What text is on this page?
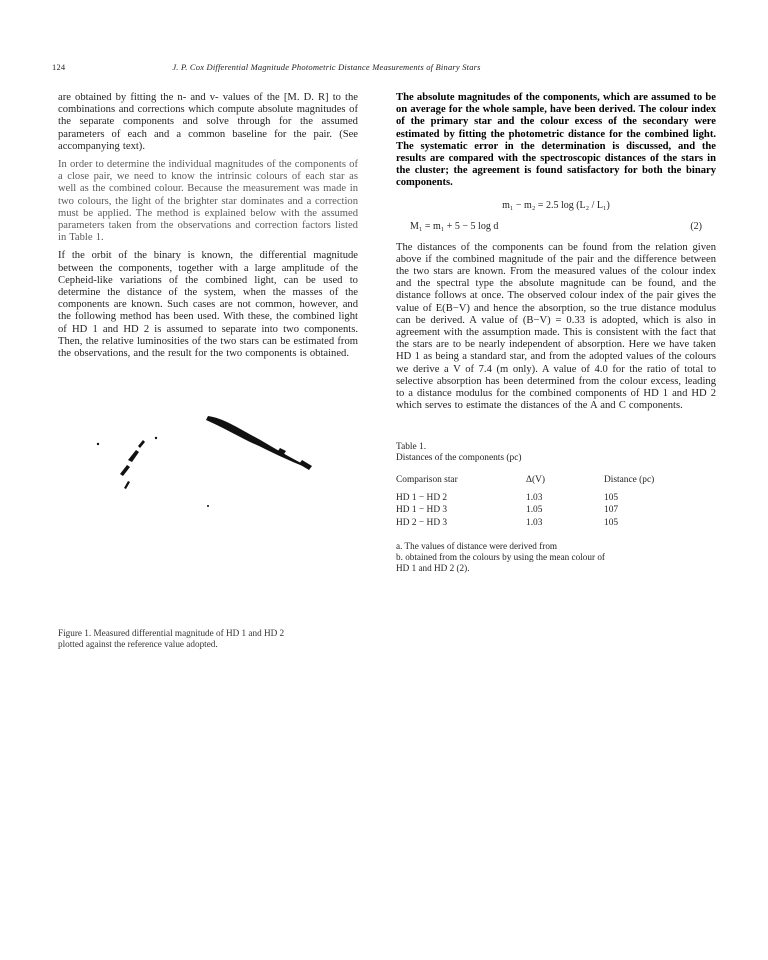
124	J. P. Cox Differential Magnitude Photometric Distance Measurements of Binary Stars

are obtained by fitting the n- and v- values of the [M. D. R] to the combinations and corrections which compute absolute magnitudes of the separate components and solve through for the assumed parameters of each and a common baseline for the pair. (See accompanying text).

In order to determine the individual magnitudes of the components of a close pair, we need to know the intrinsic colours of each star as well as the combined colour. Because the measurement was made in two colours, the light of the brighter star dominates and a correction must be applied. The method is explained below with the assumed parameters taken from the observations and correction factors listed in Table 1.

If the orbit of the binary is known, the differential magnitude between the components, together with a large amplitude of the Cepheid-like variations of the combined light, can be used to determine the distance of the system, when the masses of the components are known. Such cases are not common, however, and the following method has been used. With these, the combined light of HD 1 and HD 2 is assumed to separate into two components. Then, the relative luminosities of the two stars can be estimated from the observations, and the result for the two components is obtained.

Figure 1. Measured differential magnitude of HD 1 and HD 2
plotted against the reference value adopted.

The absolute magnitudes of the components, which are assumed to be on average for the whole sample, have been derived. The colour index of the primary star and the colour excess of the secondary were estimated by fitting the photometric distance for the combined light. The systematic error in the determination is discussed, and the results are compared with the spectroscopic distances of the stars in the cluster; the agreement is found satisfactory for both the binary components.

m₁ − m₂ = 2.5 log (L₂ / L₁)
M₁ = m₁ + 5 − 5 log d	(2)

The distances of the components can be found from the relation given above if the combined magnitude of the pair and the difference between the two stars are known. From the measured values of the colour index and the spectral type the absolute magnitude can be found, and the distance follows at once. The observed colour index of the pair gives the value of E(B−V) and hence the absorption, so the true distance modulus can be derived. A value of (B−V) = 0.33 is adopted, which is also in agreement with the assumption made. This is consistent with the fact that the stars are to be nearly independent of absorption. Here we have taken HD 1 as being a standard star, and from the adopted values of the colours we derive a V of 7.4 (m only). A value of 4.0 for the ratio of total to selective absorption has been determined from the colour excess, leading to a distance modulus for the combined components of HD 1 and HD 2 which serves to estimate the distances of the A and C components.

Table 1.
Distances of the components (pc)
Comparison star	Δ(V)	Distance (pc)
HD 1 − HD 2	1.03	105
HD 1 − HD 3	1.05	107
HD 2 − HD 3	1.03	105
a. The values of distance were derived from
b. obtained from the colours by using the mean colour of
HD 1 and HD 2 (2).
